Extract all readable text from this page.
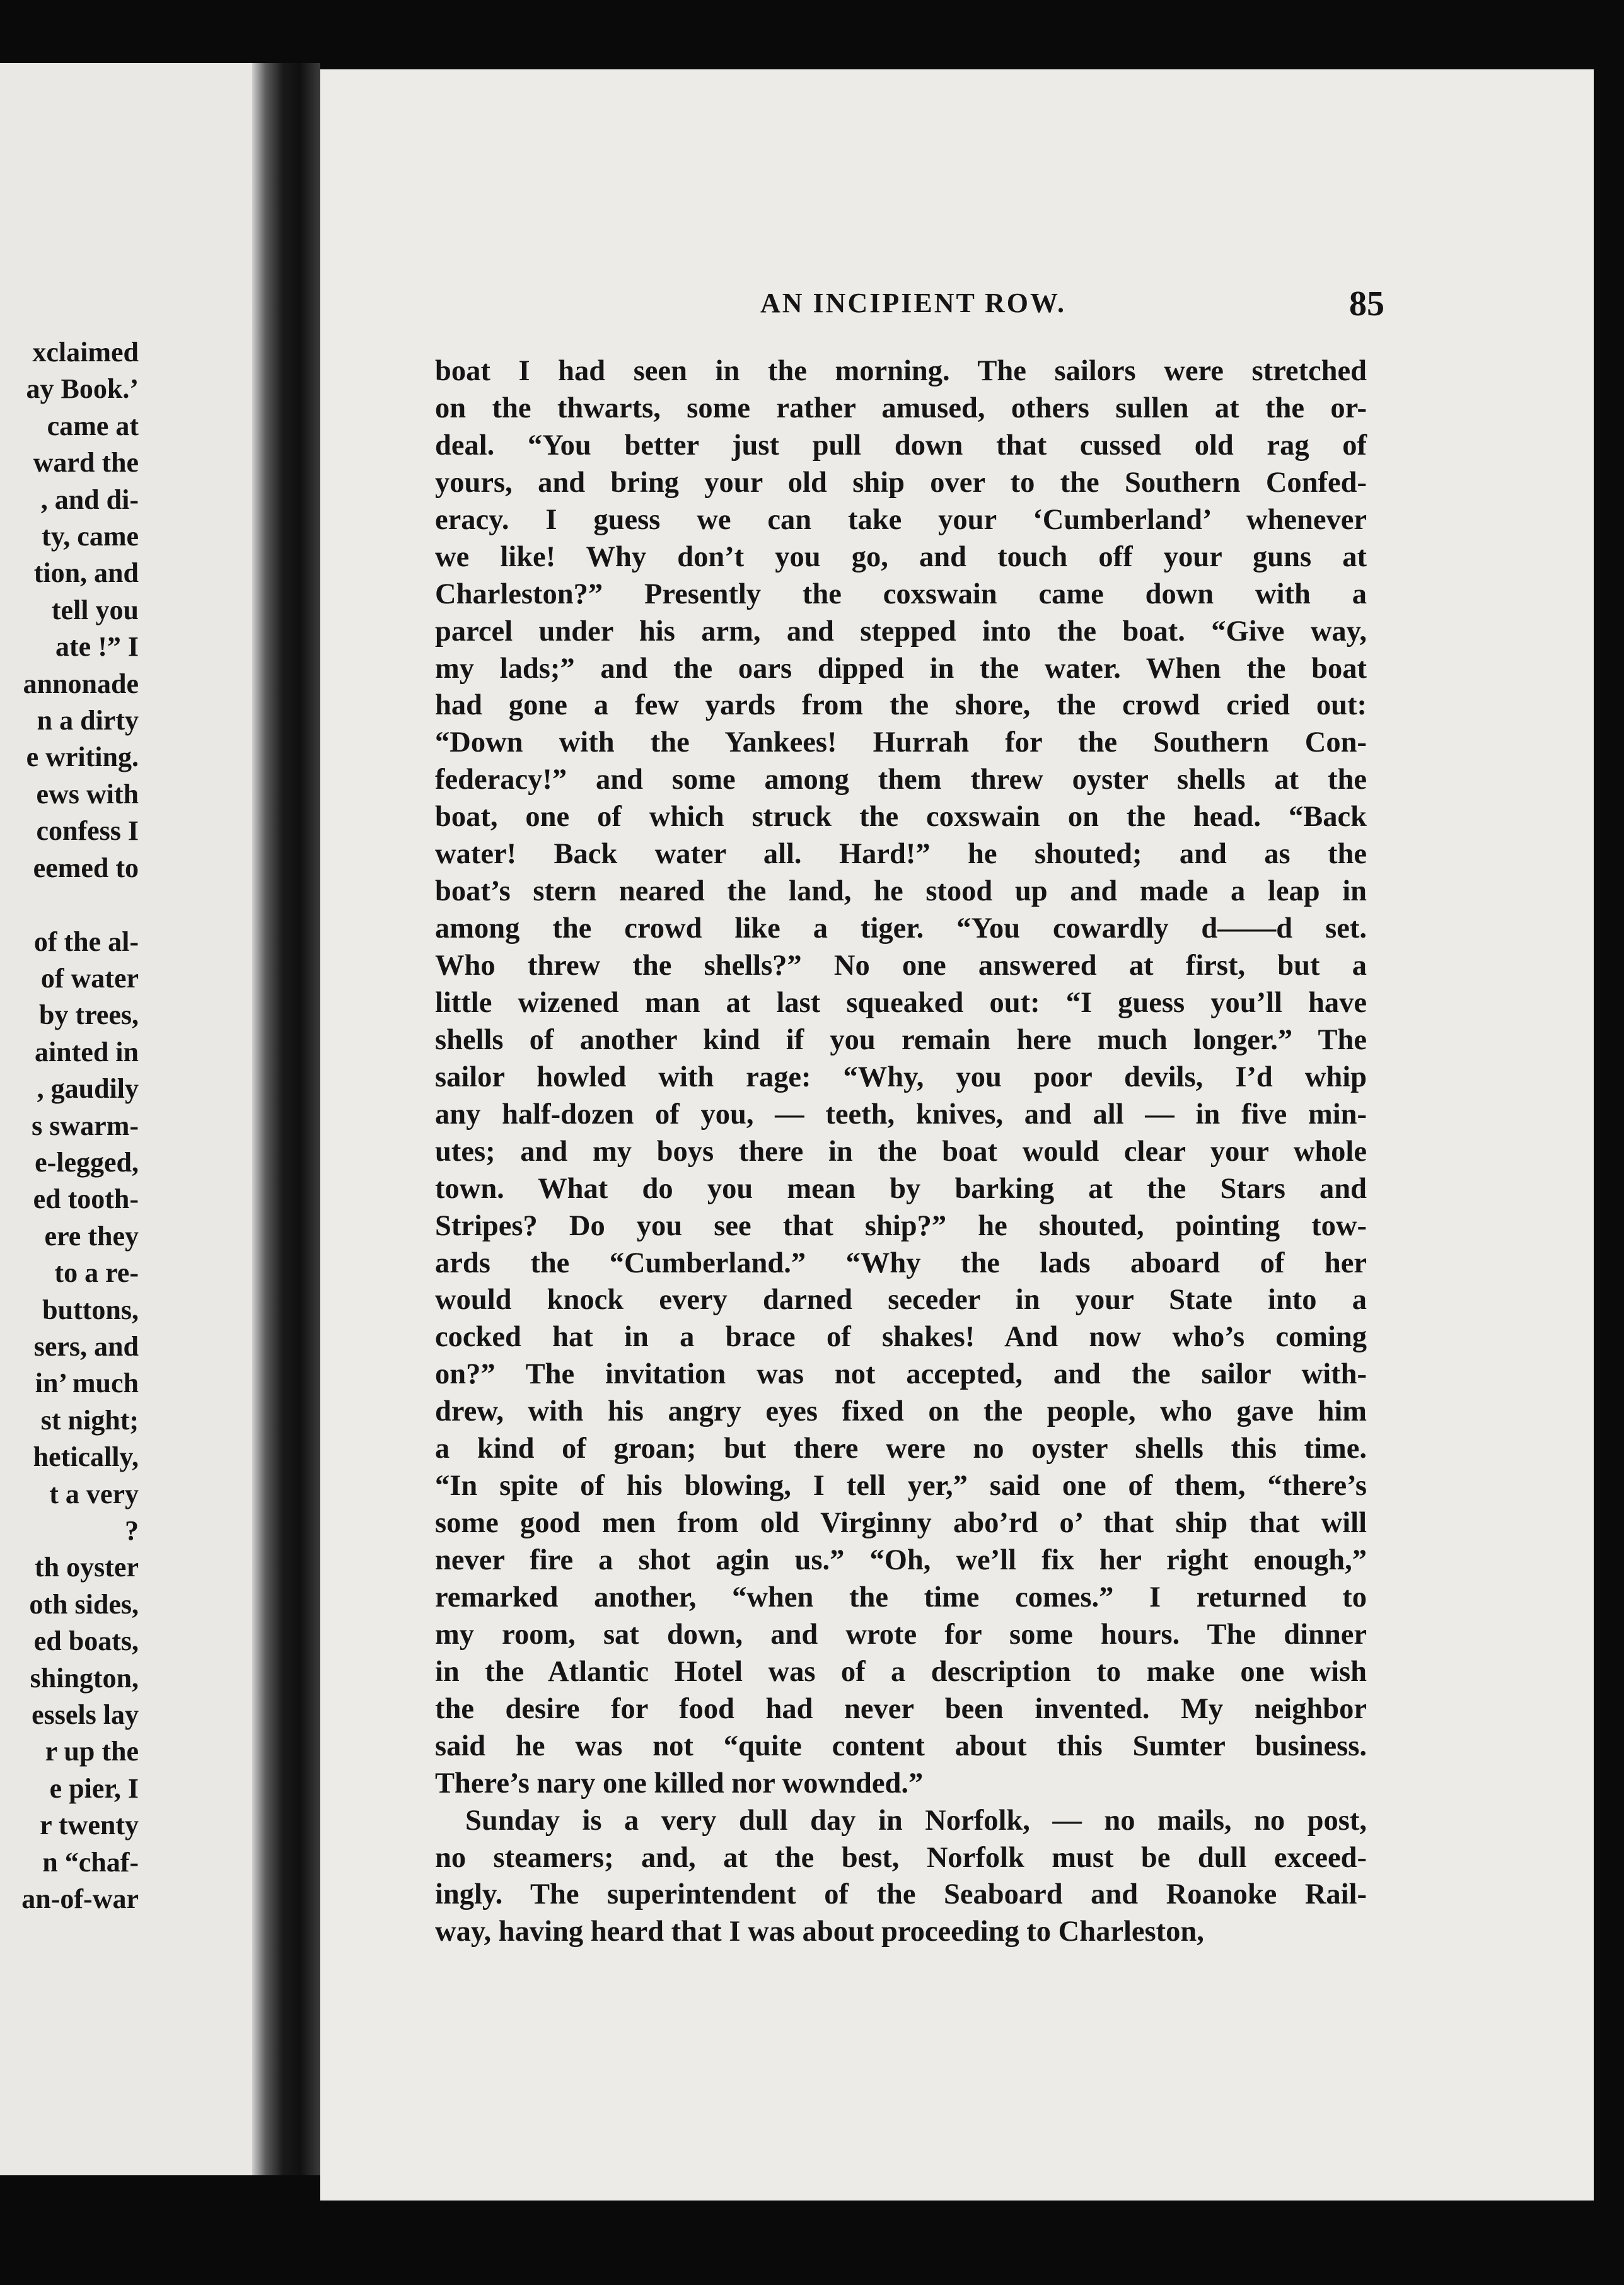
xclaimed
ay Book.’
came at
ward the
, and di-
ty, came
tion, and
tell you
ate !” I
annonade
n a dirty
e writing.
ews with
confess I
eemed to

of the al-
of water
by trees,
ainted in
, gaudily
s swarm-
e-legged,
ed tooth-
ere they
to a re-
buttons,
sers, and
in’ much
st night;
hetically,
t a very
?
th oyster
oth sides,
ed boats,
shington,
essels lay
r up the
e pier, I
r twenty
n “chaf-
an-of-war
AN INCIPIENT ROW.	85
boat I had seen in the morning. The sailors were stretched
on the thwarts, some rather amused, others sullen at the or-
deal. “You better just pull down that cussed old rag of
yours, and bring your old ship over to the Southern Confed-
eracy. I guess we can take your ‘Cumberland’ whenever
we like! Why don’t you go, and touch off your guns at
Charleston?” Presently the coxswain came down with a
parcel under his arm, and stepped into the boat. “Give way,
my lads;” and the oars dipped in the water. When the boat
had gone a few yards from the shore, the crowd cried out:
“Down with the Yankees! Hurrah for the Southern Con-
federacy!” and some among them threw oyster shells at the
boat, one of which struck the coxswain on the head. “Back
water! Back water all. Hard!” he shouted; and as the
boat’s stern neared the land, he stood up and made a leap in
among the crowd like a tiger. “You cowardly d——d set.
Who threw the shells?” No one answered at first, but a
little wizened man at last squeaked out: “I guess you’ll have
shells of another kind if you remain here much longer.” The
sailor howled with rage: “Why, you poor devils, I’d whip
any half-dozen of you, — teeth, knives, and all — in five min-
utes; and my boys there in the boat would clear your whole
town. What do you mean by barking at the Stars and
Stripes? Do you see that ship?” he shouted, pointing tow-
ards the “Cumberland.” “Why the lads aboard of her
would knock every darned seceder in your State into a
cocked hat in a brace of shakes! And now who’s coming
on?” The invitation was not accepted, and the sailor with-
drew, with his angry eyes fixed on the people, who gave him
a kind of groan; but there were no oyster shells this time.
“In spite of his blowing, I tell yer,” said one of them, “there’s
some good men from old Virginny abo’rd o’ that ship that will
never fire a shot agin us.” “Oh, we’ll fix her right enough,”
remarked another, “when the time comes.” I returned to
my room, sat down, and wrote for some hours. The dinner
in the Atlantic Hotel was of a description to make one wish
the desire for food had never been invented. My neighbor
said he was not “quite content about this Sumter business.
There’s nary one killed nor wownded.”
Sunday is a very dull day in Norfolk, — no mails, no post,
no steamers; and, at the best, Norfolk must be dull exceed-
ingly. The superintendent of the Seaboard and Roanoke Rail-
way, having heard that I was about proceeding to Charleston,
